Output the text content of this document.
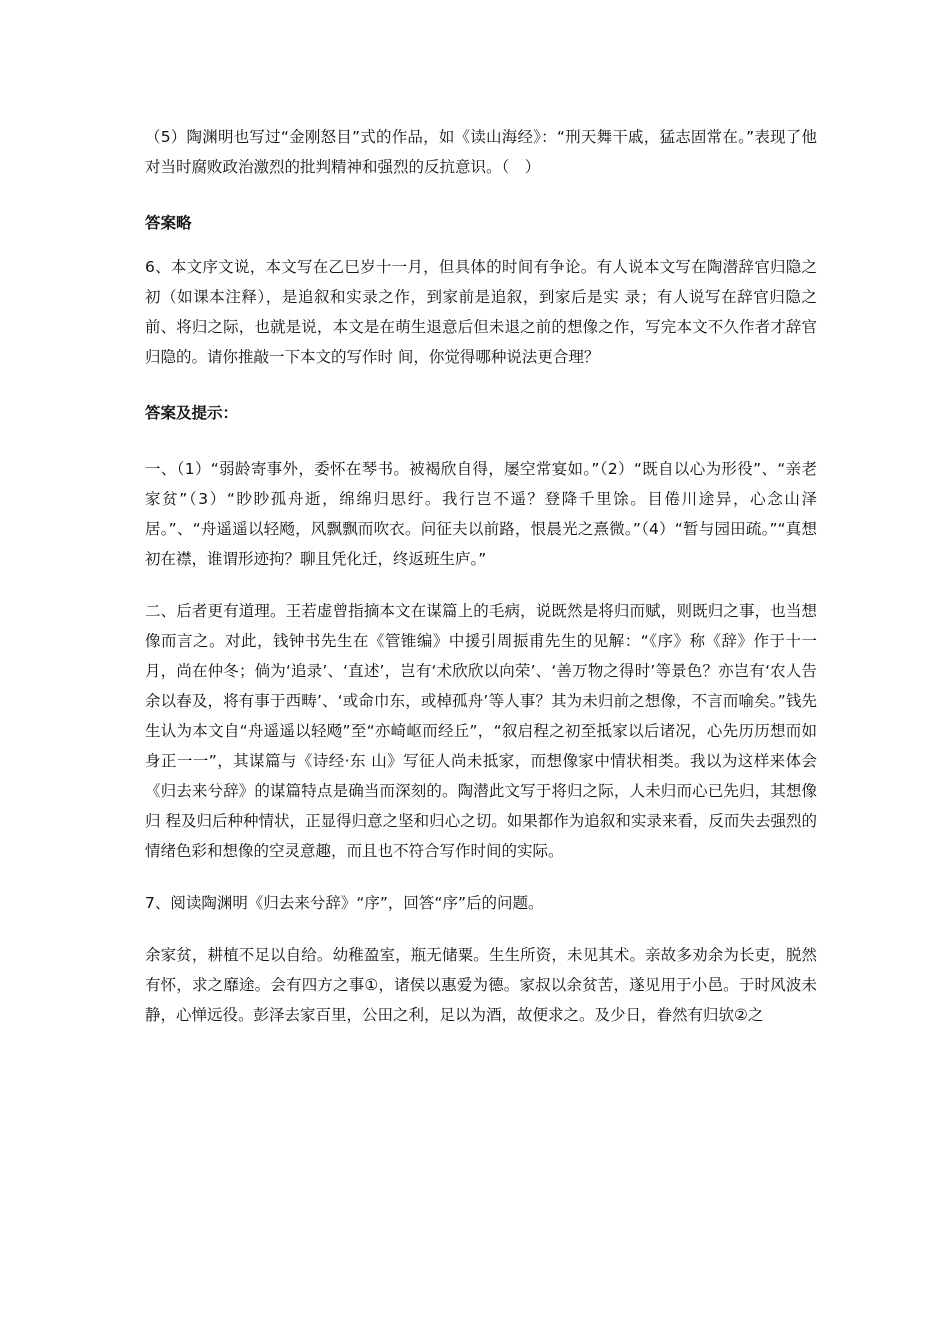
（5）陶渊明也写过“金刚怒目”式的作品，如《读山海经》：“刑天舞干戚，猛志固常在。”表现了他对当时腐败政治激烈的批判精神和强烈的反抗意识。（　）

答案略

6、本文序文说，本文写在乙巳岁十一月，但具体的时间有争论。有人说本文写在陶潜辞官归隐之初（如课本注释），是追叙和实录之作，到家前是追叙，到家后是实 录；有人说写在辞官归隐之前、将归之际，也就是说，本文是在萌生退意后但未退之前的想像之作，写完本文不久作者才辞官归隐的。请你推敲一下本文的写作时 间，你觉得哪种说法更合理？

答案及提示：

一、（1）“弱龄寄事外，委怀在琴书。被褐欣自得，屡空常宴如。”（2）“既自以心为形役”、“亲老家贫”（3）“眇眇孤舟逝，绵绵归思纡。我行岂不遥？登降千里馀。目倦川途异，心念山泽居。”、“舟遥遥以轻飏，风飘飘而吹衣。问征夫以前路，恨晨光之熹微。”（4）“暂与园田疏。”“真想初在襟，谁谓形迹拘？聊且凭化迁，终返班生庐。”

二、后者更有道理。王若虚曾指摘本文在谋篇上的毛病，说既然是将归而赋，则既归之事，也当想像而言之。对此，钱钟书先生在《管锥编》中援引周振甫先生的见解：“《序》称《辞》作于十一月，尚在仲冬；倘为‘追录’、‘直述’，岂有‘术欣欣以向荣’、‘善万物之得时’等景色？亦岂有‘农人告余以春及，将有事于西畴’、‘或命巾东，或棹孤舟’等人事？其为未归前之想像，不言而喻矣。”钱先生认为本文自“舟遥遥以轻飏”至“亦崎岖而经丘”，“叙启程之初至抵家以后诸况，心先历历想而如身正一一”，其谋篇与《诗经·东 山》写征人尚未抵家，而想像家中情状相类。我以为这样来体会《归去来兮辞》的谋篇特点是确当而深刻的。陶潜此文写于将归之际，人未归而心已先归，其想像归 程及归后种种情状，正显得归意之坚和归心之切。如果都作为追叙和实录来看，反而失去强烈的情绪色彩和想像的空灵意趣，而且也不符合写作时间的实际。

7、阅读陶渊明《归去来兮辞》“序”，回答“序”后的问题。

余家贫，耕植不足以自给。幼稚盈室，瓶无储粟。生生所资，未见其术。亲故多劝余为长吏，脱然有怀，求之靡途。会有四方之事①，诸侯以惠爱为德。家叔以余贫苦，遂见用于小邑。于时风波未静，心惮远役。彭泽去家百里，公田之利，足以为酒，故便求之。及少日，眷然有归欤②之
